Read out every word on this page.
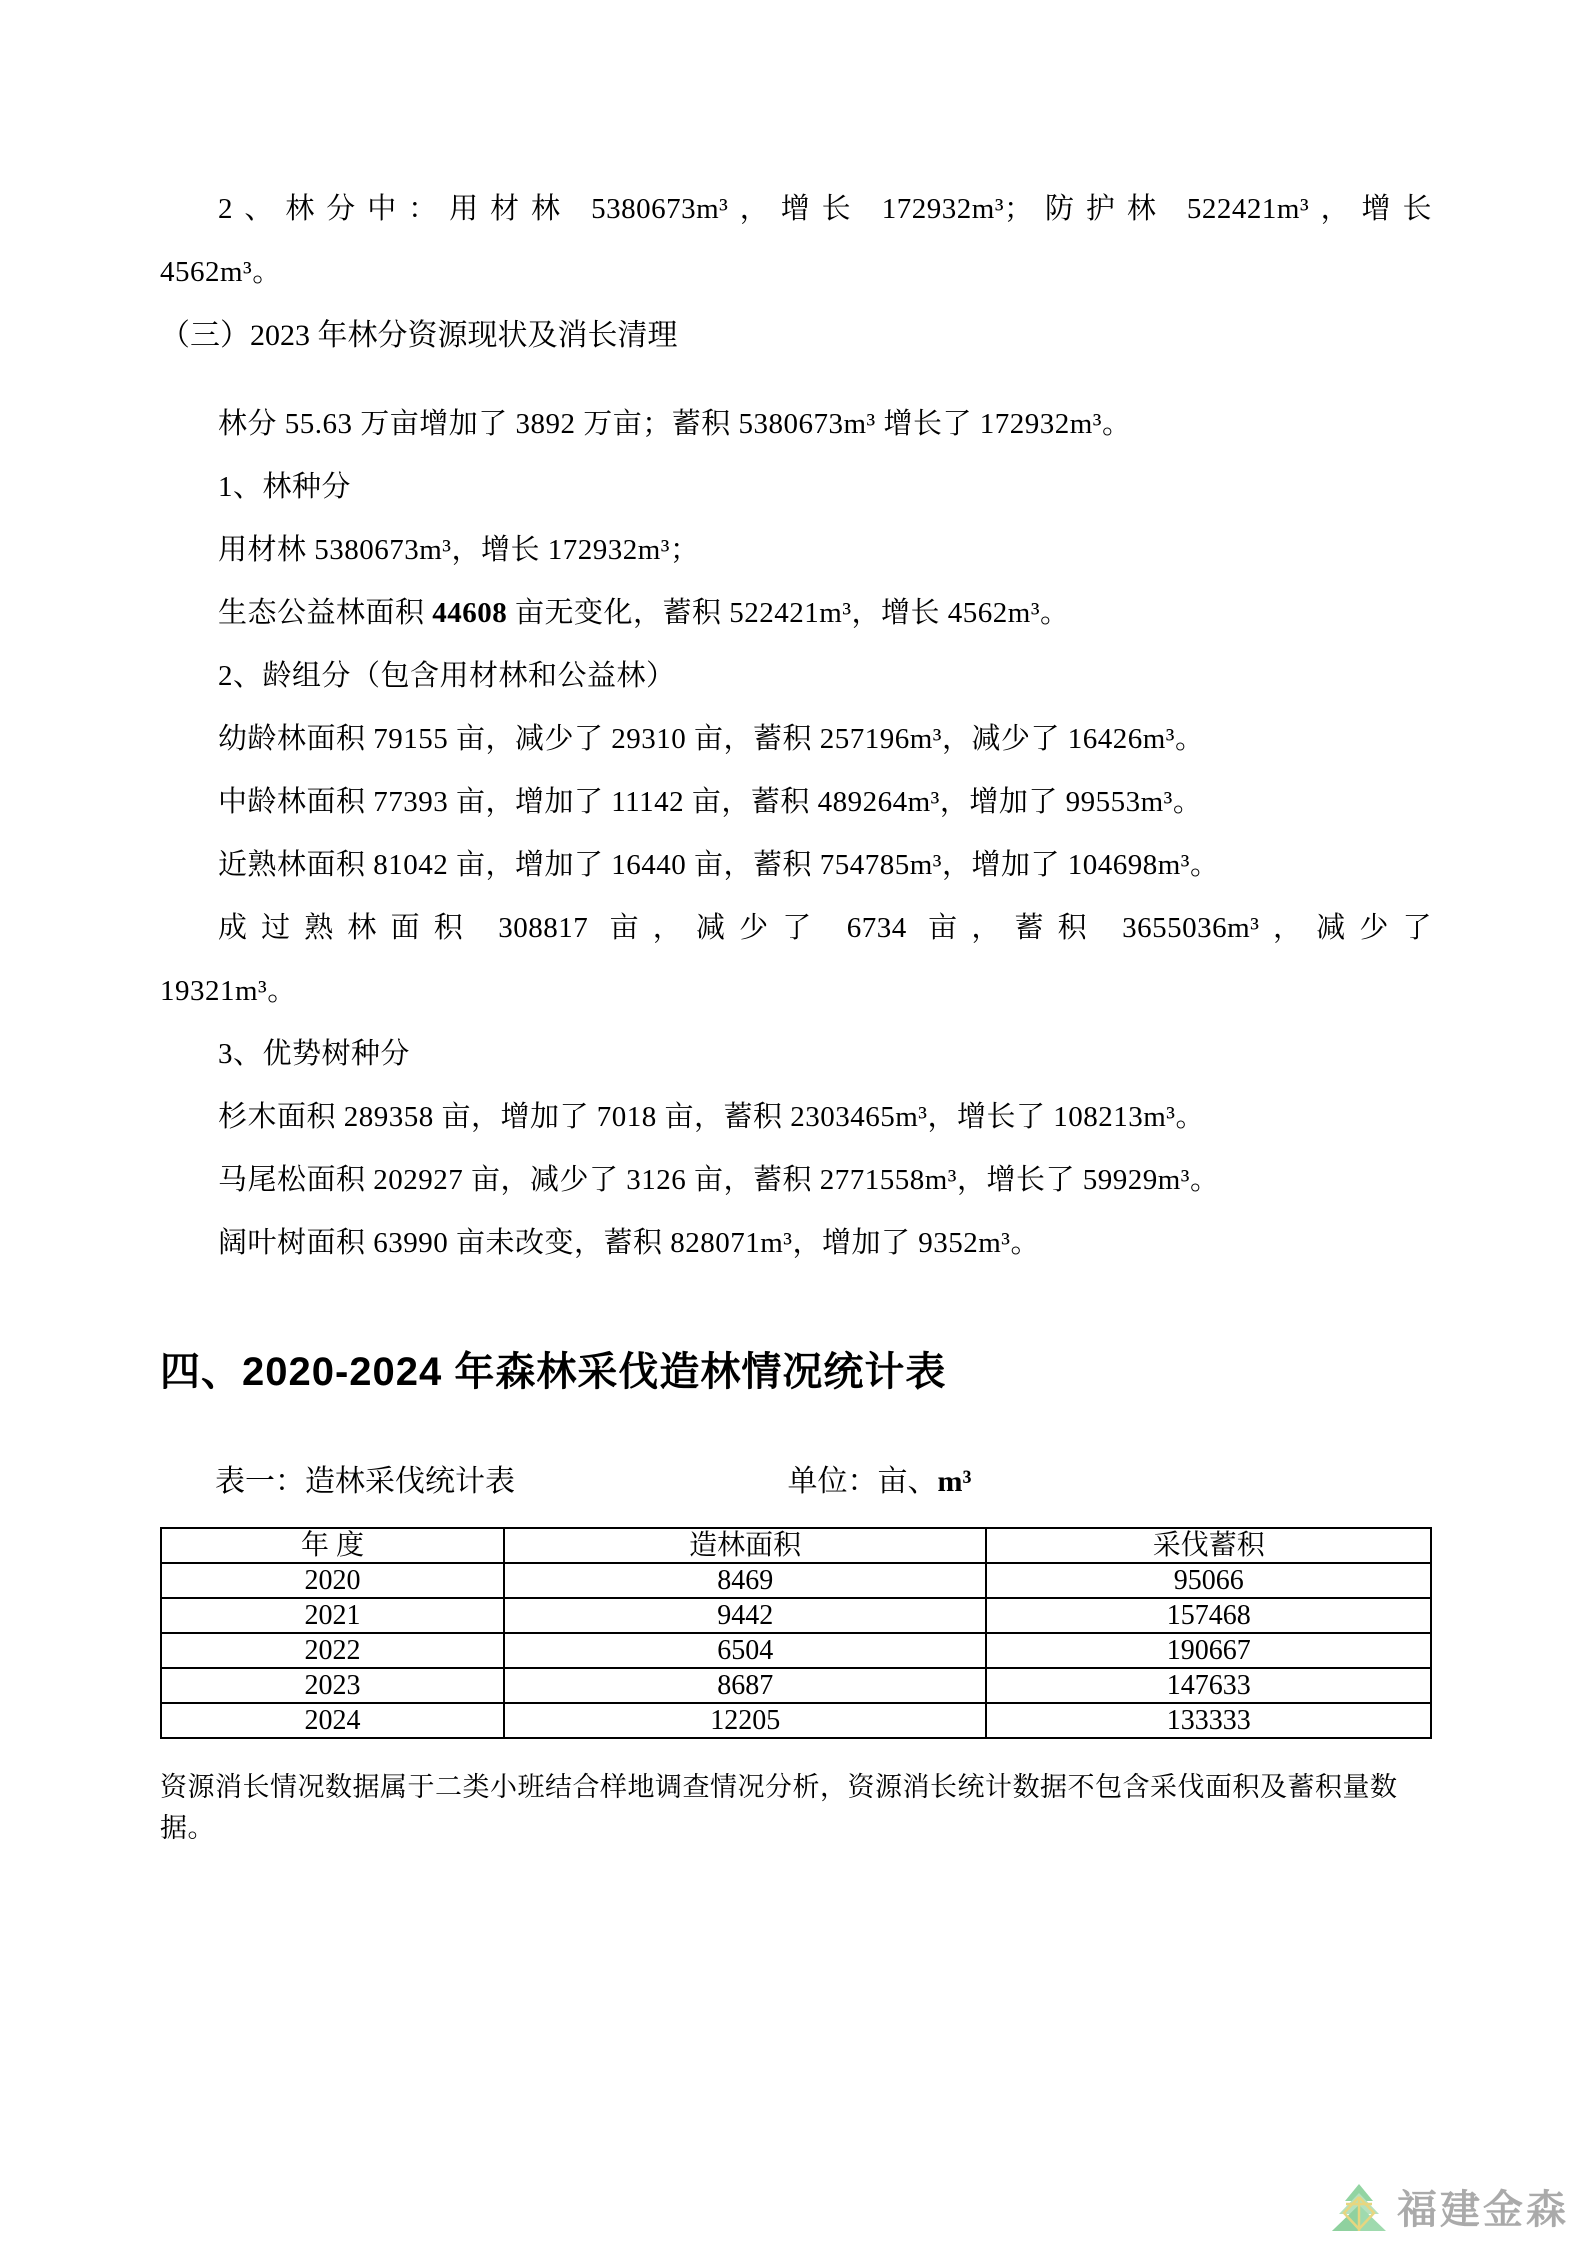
2、林分中：用材林 5380673m³，增长 172932m³；防护林 522421m³，增长
4562m³。
（三）2023 年林分资源现状及消长清理
林分 55.63 万亩增加了 3892 万亩；蓄积 5380673m³ 增长了 172932m³。
1、林种分
用材林 5380673m³，增长 172932m³；
生态公益林面积 44608 亩无变化，蓄积 522421m³，增长 4562m³。
2、龄组分（包含用材林和公益林）
幼龄林面积 79155 亩，减少了 29310 亩，蓄积 257196m³，减少了 16426m³。
中龄林面积 77393 亩，增加了 11142 亩，蓄积 489264m³，增加了 99553m³。
近熟林面积 81042 亩，增加了 16440 亩，蓄积 754785m³，增加了 104698m³。
成过熟林面积 308817 亩，减少了 6734 亩，蓄积 3655036m³，减少了
19321m³。
3、优势树种分
杉木面积 289358 亩，增加了 7018 亩，蓄积 2303465m³，增长了 108213m³。
马尾松面积 202927 亩，减少了 3126 亩，蓄积 2771558m³，增长了 59929m³。
阔叶树面积 63990 亩未改变，蓄积 828071m³，增加了 9352m³。
四、2020-2024 年森林采伐造林情况统计表
表一：造林采伐统计表	单位：亩、m³
年 度	造林面积	采伐蓄积
2020	8469	95066
2021	9442	157468
2022	6504	190667
2023	8687	147633
2024	12205	133333
资源消长情况数据属于二类小班结合样地调查情况分析，资源消长统计数据不包含采伐面积及蓄积量数据。
福建金森
